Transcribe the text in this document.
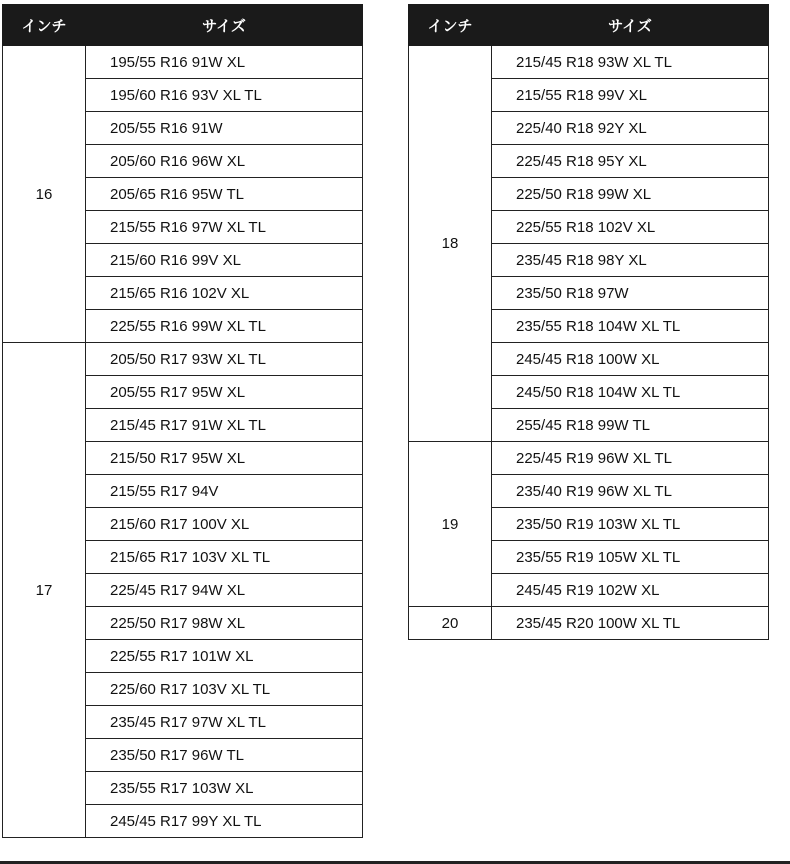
インチ	サイズ
16	195/55 R16 91W XL
	195/60 R16 93V XL TL
	205/55 R16 91W
	205/60 R16 96W XL
	205/65 R16 95W TL
	215/55 R16 97W XL TL
	215/60 R16 99V XL
	215/65 R16 102V XL
	225/55 R16 99W XL TL
17	205/50 R17 93W XL TL
	205/55 R17 95W XL
	215/45 R17 91W XL TL
	215/50 R17 95W XL
	215/55 R17 94V
	215/60 R17 100V XL
	215/65 R17 103V XL TL
	225/45 R17 94W XL
	225/50 R17 98W XL
	225/55 R17 101W XL
	225/60 R17 103V XL TL
	235/45 R17 97W XL TL
	235/50 R17 96W TL
	235/55 R17 103W XL
	245/45 R17 99Y XL TL
インチ	サイズ
18	215/45 R18 93W XL TL
	215/55 R18 99V XL
	225/40 R18 92Y XL
	225/45 R18 95Y XL
	225/50 R18 99W XL
	225/55 R18 102V XL
	235/45 R18 98Y XL
	235/50 R18 97W
	235/55 R18 104W XL TL
	245/45 R18 100W XL
	245/50 R18 104W XL TL
	255/45 R18 99W TL
19	225/45 R19 96W XL TL
	235/40 R19 96W XL TL
	235/50 R19 103W XL TL
	235/55 R19 105W XL TL
	245/45 R19 102W XL
20	235/45 R20 100W XL TL
